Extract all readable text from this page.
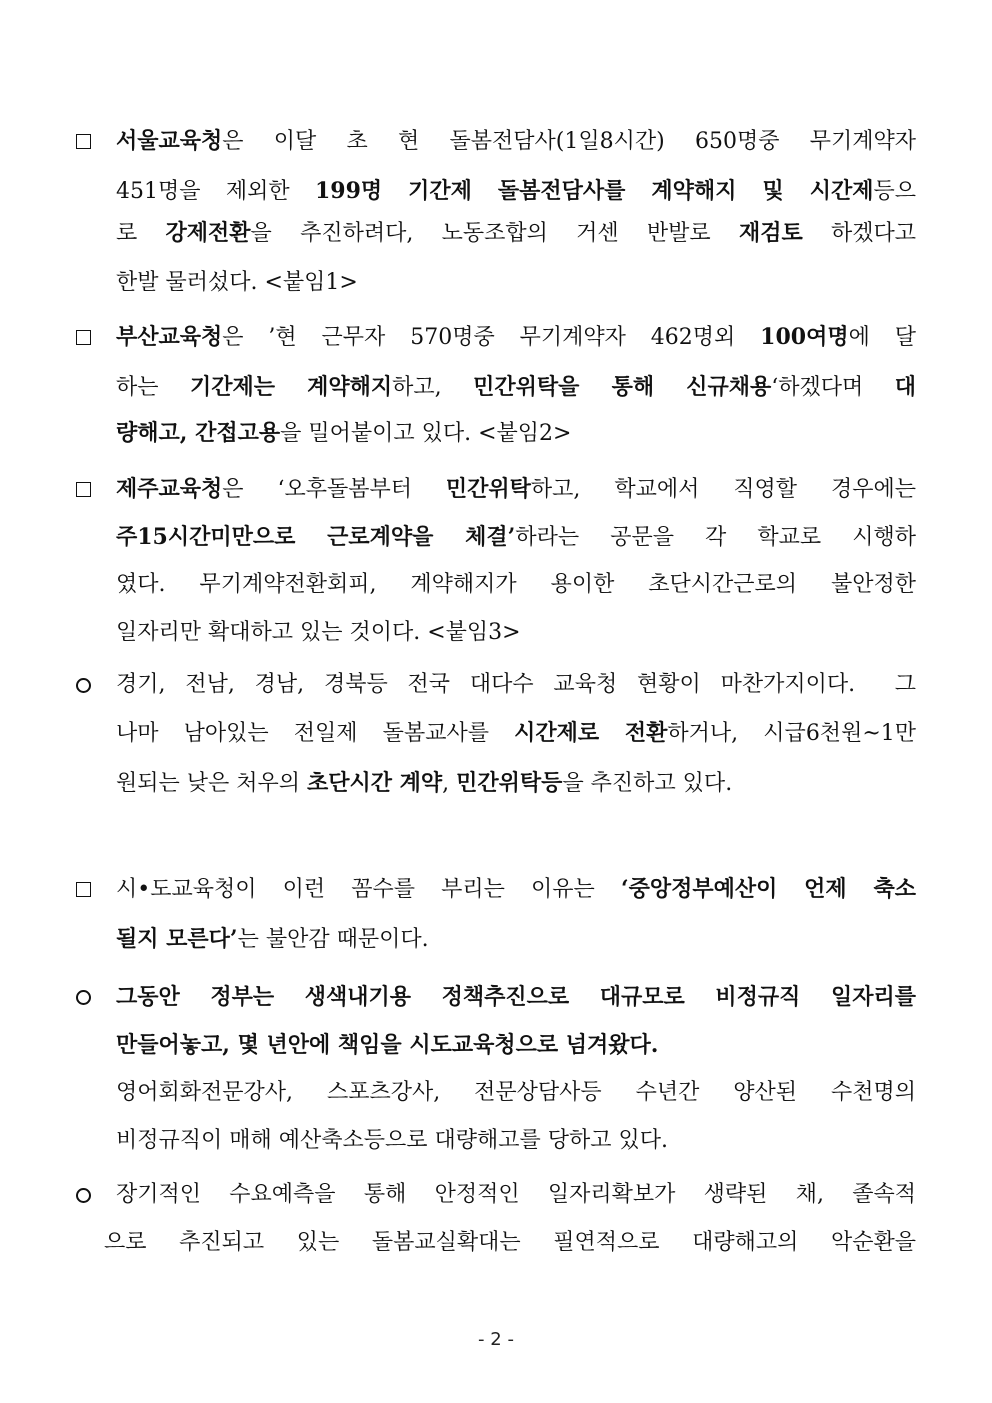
서울교육청은 이달 초 현 돌봄전담사(1일8시간) 650명중 무기계약자
451명을 제외한 199명 기간제 돌봄전담사를 계약해지 및 시간제등으
로 강제전환을 추진하려다, 노동조합의 거센 반발로 재검토 하겠다고
한발 물러섰다. <붙임1>
부산교육청은 ’현 근무자 570명중 무기계약자 462명외 100여명에 달
하는 기간제는 계약해지하고, 민간위탁을 통해 신규채용‘하겠다며 대
량해고, 간접고용을 밀어붙이고 있다. <붙임2>
제주교육청은 ‘오후돌봄부터 민간위탁하고, 학교에서 직영할 경우에는
주15시간미만으로 근로계약을 체결’하라는 공문을 각 학교로 시행하
였다. 무기계약전환회피, 계약해지가 용이한 초단시간근로의 불안정한
일자리만 확대하고 있는 것이다. <붙임3>
경기, 전남, 경남, 경북등 전국 대다수 교육청 현황이 마찬가지이다.  그
나마 남아있는 전일제 돌봄교사를 시간제로 전환하거나, 시급6천원~1만
원되는 낮은 처우의 초단시간 계약, 민간위탁등을 추진하고 있다.
시•도교육청이 이런 꼼수를 부리는 이유는 ‘중앙정부예산이 언제 축소
될지 모른다’는 불안감 때문이다.
그동안 정부는 생색내기용 정책추진으로 대규모로 비정규직 일자리를
만들어놓고, 몇 년안에 책임을 시도교육청으로 넘겨왔다.
영어회화전문강사, 스포츠강사, 전문상담사등 수년간 양산된 수천명의
비정규직이 매해 예산축소등으로 대량해고를 당하고 있다.
장기적인 수요예측을 통해 안정적인 일자리확보가 생략된 채, 졸속적
으로 추진되고 있는 돌봄교실확대는 필연적으로 대량해고의 악순환을
- 2 -
